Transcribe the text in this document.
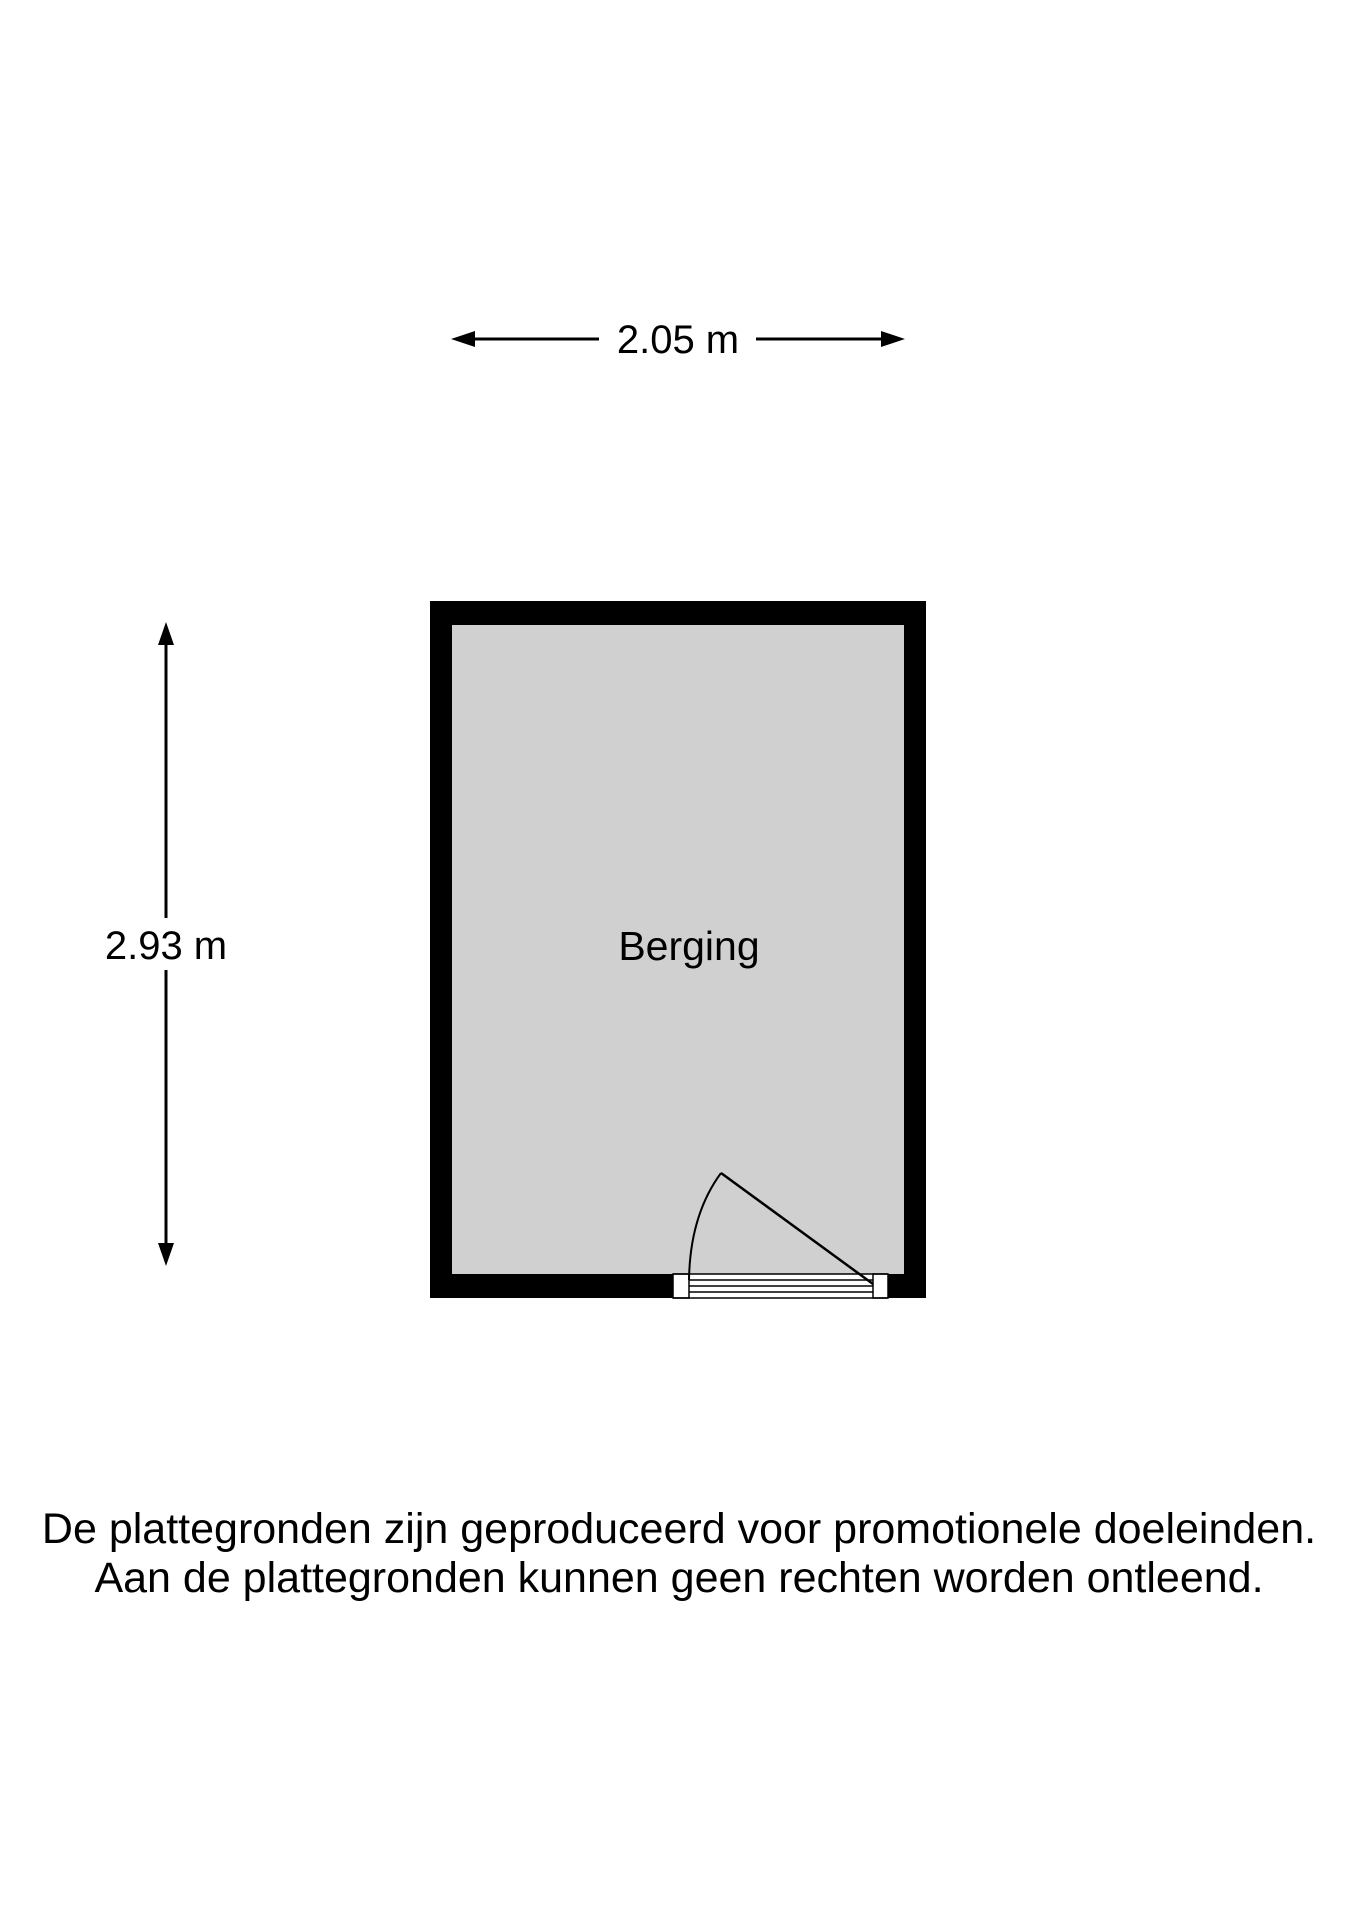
2.05 m
2.93 m	Berging
De plattegronden zijn geproduceerd voor promotionele doeleinden.
Aan de plattegronden kunnen geen rechten worden ontleend.
